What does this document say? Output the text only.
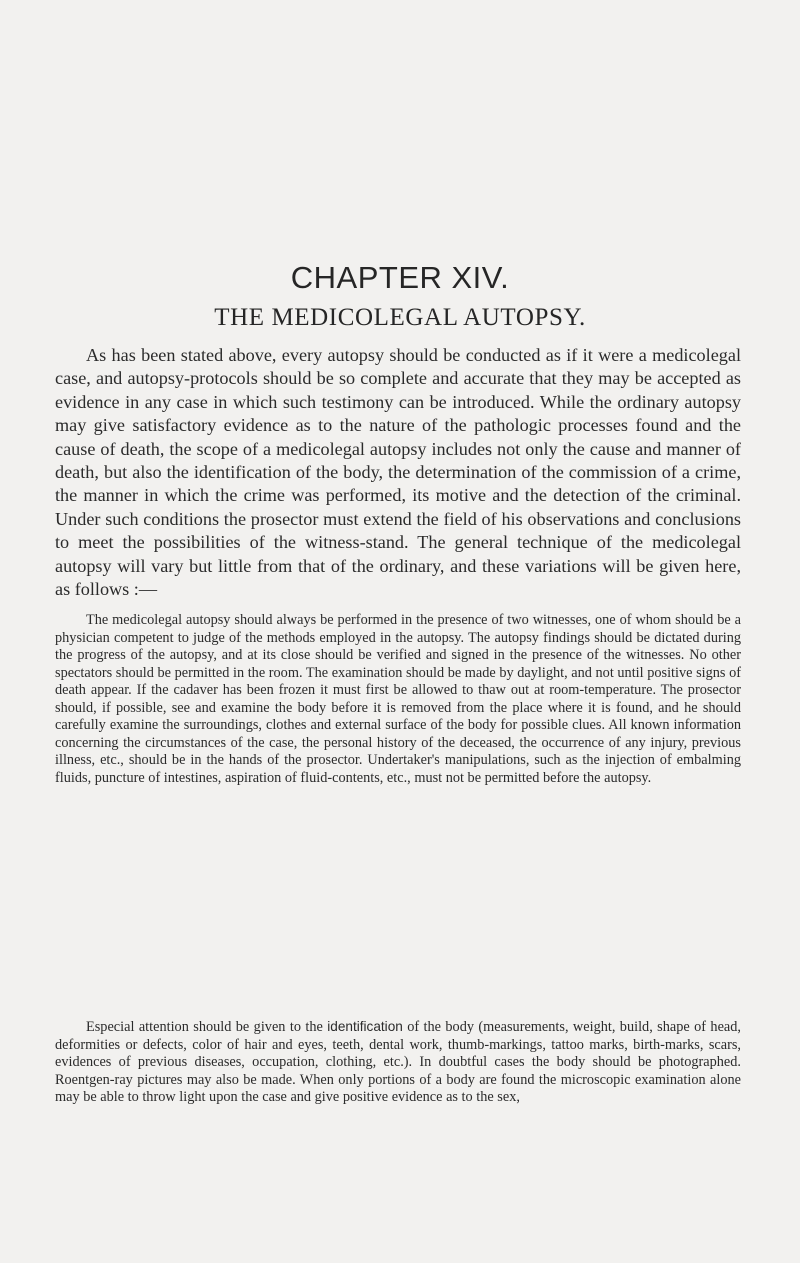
CHAPTER XIV.
THE MEDICOLEGAL AUTOPSY.

As has been stated above, every autopsy should be conducted as if it were a medicolegal case, and autopsy-protocols should be so complete and accurate that they may be accepted as evidence in any case in which such testimony can be introduced. While the ordinary autopsy may give satisfactory evidence as to the nature of the pathologic processes found and the cause of death, the scope of a medicolegal autopsy includes not only the cause and manner of death, but also the identification of the body, the determination of the commission of a crime, the manner in which the crime was performed, its motive and the detection of the criminal. Under such conditions the prosector must extend the field of his observations and conclusions to meet the possibilities of the witness-stand. The general technique of the medicolegal autopsy will vary but little from that of the ordinary, and these variations will be given here, as follows :—

The medicolegal autopsy should always be performed in the presence of two witnesses, one of whom should be a physician competent to judge of the methods employed in the autopsy. The autopsy findings should be dictated during the progress of the autopsy, and at its close should be verified and signed in the presence of the witnesses. No other spectators should be permitted in the room. The examination should be made by daylight, and not until positive signs of death appear. If the cadaver has been frozen it must first be allowed to thaw out at room-temperature. The prosector should, if possible, see and examine the body before it is removed from the place where it is found, and he should carefully examine the surroundings, clothes and external surface of the body for possible clues. All known information concerning the circumstances of the case, the personal history of the deceased, the occurrence of any injury, previous illness, etc., should be in the hands of the prosector. Undertaker's manipulations, such as the injection of embalming fluids, puncture of intestines, aspiration of fluid-contents, etc., must not be permitted before the autopsy.

Especial attention should be given to the identification of the body (measurements, weight, build, shape of head, deformities or defects, color of hair and eyes, teeth, dental work, thumb-markings, tattoo marks, birth-marks, scars, evidences of previous diseases, occupation, clothing, etc.). In doubtful cases the body should be photographed. Roentgen-ray pictures may also be made. When only portions of a body are found the microscopic examination alone may be able to throw light upon the case and give positive evidence as to the sex,
